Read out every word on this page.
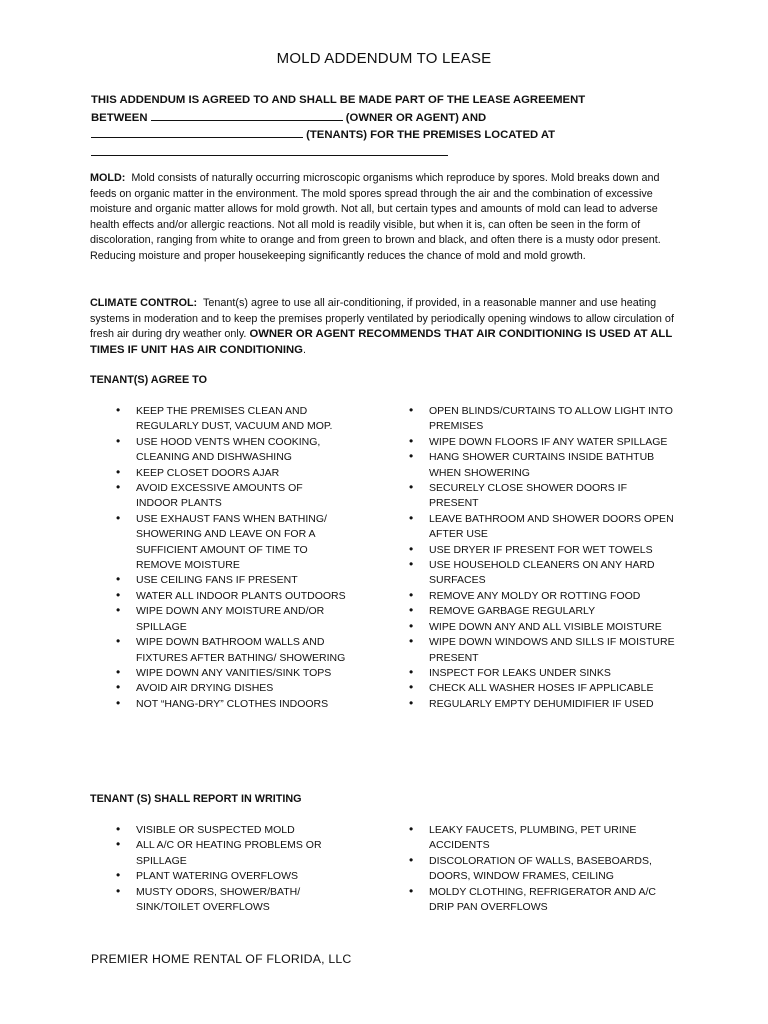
MOLD ADDENDUM TO LEASE
THIS ADDENDUM IS AGREED TO AND SHALL BE MADE PART OF THE LEASE AGREEMENT
BETWEEN	(OWNER OR AGENT) AND
(TENANTS) FOR THE PREMISES LOCATED AT
MOLD: Mold consists of naturally occurring microscopic organisms which reproduce by spores. Mold breaks down and feeds on organic matter in the environment. The mold spores spread through the air and the combination of excessive moisture and organic matter allows for mold growth. Not all, but certain types and amounts of mold can lead to adverse health effects and/or allergic reactions. Not all mold is readily visible, but when it is, can often be seen in the form of discoloration, ranging from white to orange and from green to brown and black, and often there is a musty odor present. Reducing moisture and proper housekeeping significantly reduces the chance of mold and mold growth.
CLIMATE CONTROL: Tenant(s) agree to use all air-conditioning, if provided, in a reasonable manner and use heating systems in moderation and to keep the premises properly ventilated by periodically opening windows to allow circulation of fresh air during dry weather only. OWNER OR AGENT RECOMMENDS THAT AIR CONDITIONING IS USED AT ALL TIMES IF UNIT HAS AIR CONDITIONING.
TENANT(S) AGREE TO
• KEEP THE PREMISES CLEAN AND REGULARLY DUST, VACUUM AND MOP.
• USE HOOD VENTS WHEN COOKING, CLEANING AND DISHWASHING
• KEEP CLOSET DOORS AJAR
• AVOID EXCESSIVE AMOUNTS OF INDOOR PLANTS
• USE EXHAUST FANS WHEN BATHING/ SHOWERING AND LEAVE ON FOR A SUFFICIENT AMOUNT OF TIME TO REMOVE MOISTURE
• USE CEILING FANS IF PRESENT
• WATER ALL INDOOR PLANTS OUTDOORS
• WIPE DOWN ANY MOISTURE AND/OR SPILLAGE
• WIPE DOWN BATHROOM WALLS AND FIXTURES AFTER BATHING/ SHOWERING
• WIPE DOWN ANY VANITIES/SINK TOPS
• AVOID AIR DRYING DISHES
• NOT “HANG-DRY” CLOTHES INDOORS
• OPEN BLINDS/CURTAINS TO ALLOW LIGHT INTO PREMISES
• WIPE DOWN FLOORS IF ANY WATER SPILLAGE
• HANG SHOWER CURTAINS INSIDE BATHTUB WHEN SHOWERING
• SECURELY CLOSE SHOWER DOORS IF PRESENT
• LEAVE BATHROOM AND SHOWER DOORS OPEN AFTER USE
• USE DRYER IF PRESENT FOR WET TOWELS
• USE HOUSEHOLD CLEANERS ON ANY HARD SURFACES
• REMOVE ANY MOLDY OR ROTTING FOOD
• REMOVE GARBAGE REGULARLY
• WIPE DOWN ANY AND ALL VISIBLE MOISTURE
• WIPE DOWN WINDOWS AND SILLS IF MOISTURE PRESENT
• INSPECT FOR LEAKS UNDER SINKS
• CHECK ALL WASHER HOSES IF APPLICABLE
• REGULARLY EMPTY DEHUMIDIFIER IF USED
TENANT (S) SHALL REPORT IN WRITING
• VISIBLE OR SUSPECTED MOLD
• ALL A/C OR HEATING PROBLEMS OR SPILLAGE
• PLANT WATERING OVERFLOWS
• MUSTY ODORS, SHOWER/BATH/ SINK/TOILET OVERFLOWS
• LEAKY FAUCETS, PLUMBING, PET URINE ACCIDENTS
• DISCOLORATION OF WALLS, BASEBOARDS, DOORS, WINDOW FRAMES, CEILING
• MOLDY CLOTHING, REFRIGERATOR AND A/C DRIP PAN OVERFLOWS
PREMIER HOME RENTAL OF FLORIDA, LLC
